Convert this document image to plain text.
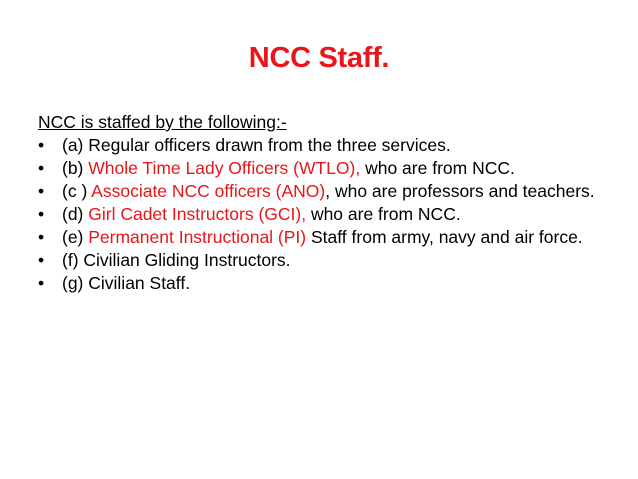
NCC Staff.

NCC is staffed by the following:-

•	(a) Regular officers drawn from the three services.
•	(b) Whole Time Lady Officers (WTLO), who are from NCC.
•	(c ) Associate NCC officers (ANO), who are professors and teachers.
•	(d) Girl Cadet Instructors (GCI), who are from NCC.
•	(e) Permanent Instructional (PI) Staff from army, navy and air force.
•	(f) Civilian Gliding Instructors.
•	(g) Civilian Staff.
